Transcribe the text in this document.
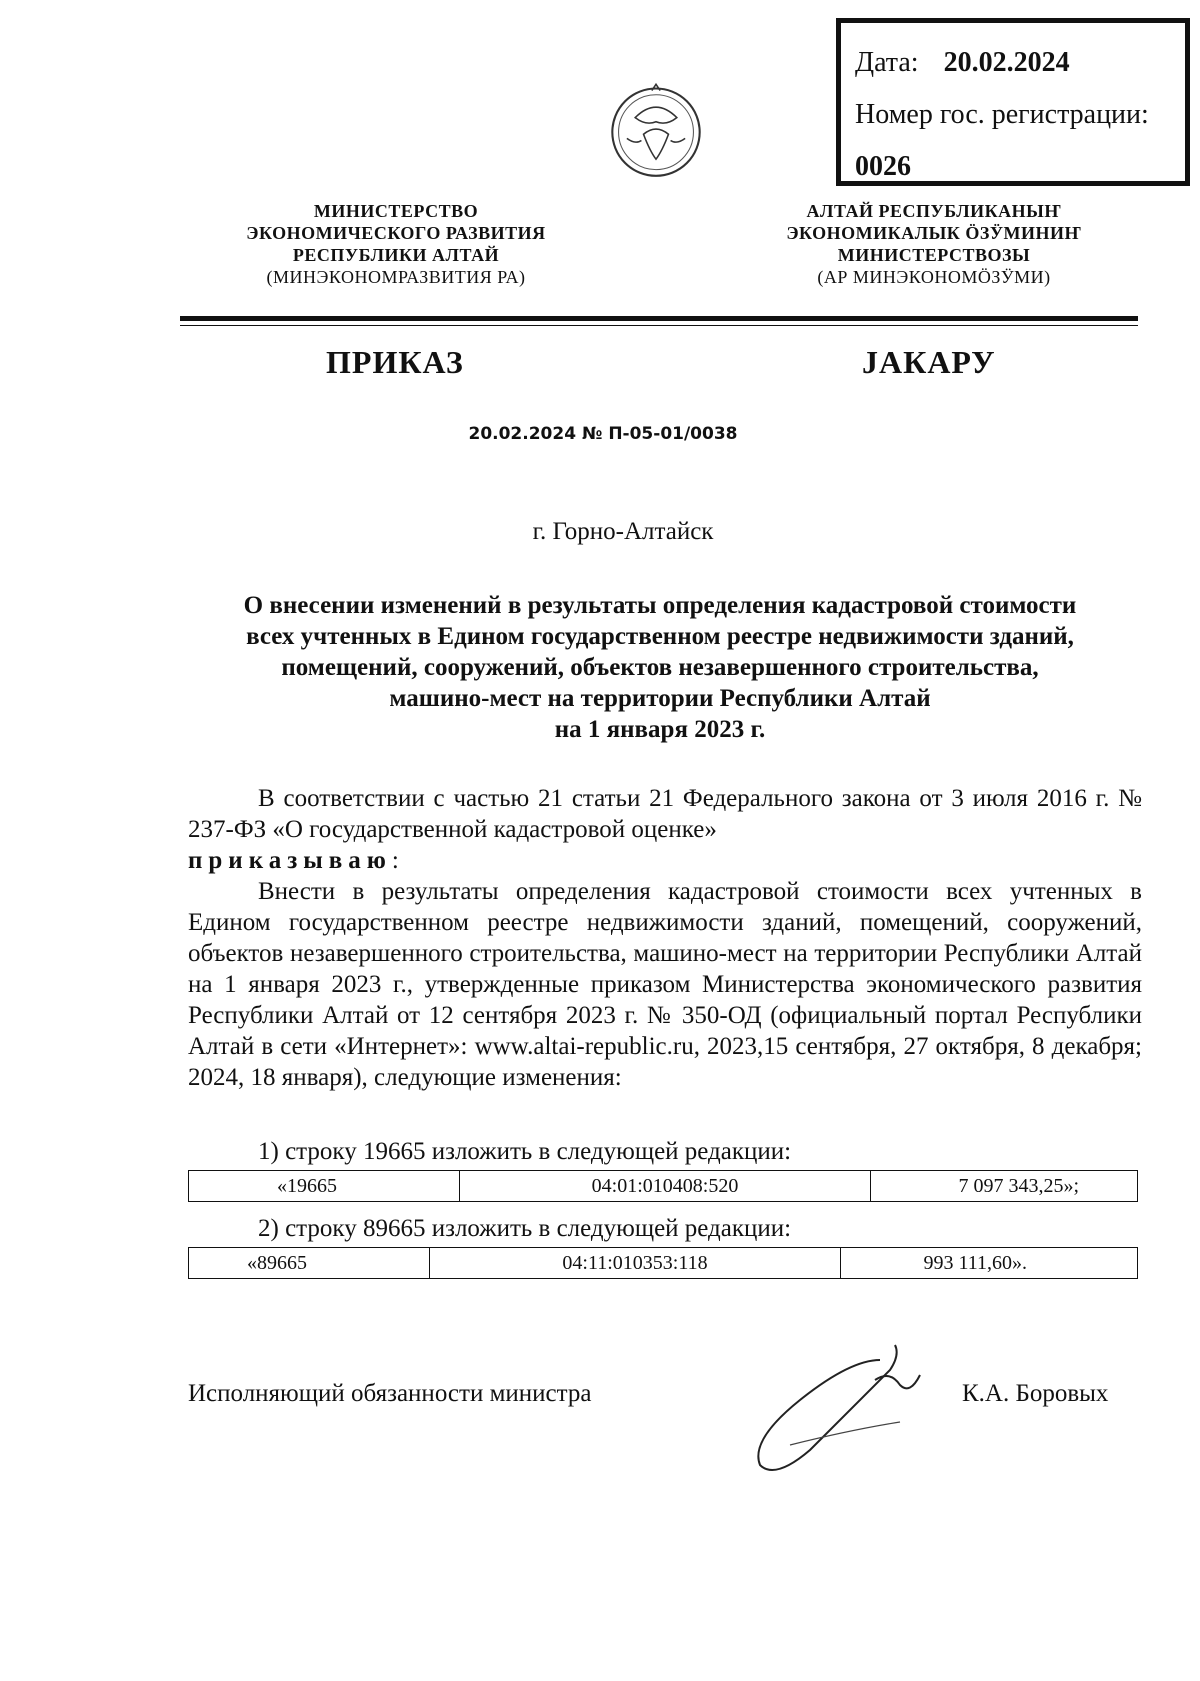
Дата: 20.02.2024
Номер гос. регистрации:
0026
МИНИСТЕРСТВО
ЭКОНОМИЧЕСКОГО РАЗВИТИЯ
РЕСПУБЛИКИ АЛТАЙ
(МИНЭКОНОМРАЗВИТИЯ РА)
АЛТАЙ РЕСПУБЛИКАНЫҤ
ЭКОНОМИКАЛЫК ÖЗӰМИНИҤ
МИНИСТЕРСТВОЗЫ
(АР МИНЭКОНОМÖЗӰМИ)
ПРИКАЗ	JАКАРУ
20.02.2024 № П-05-01/0038
г. Горно-Алтайск
О внесении изменений в результаты определения кадастровой стоимости
всех учтенных в Едином государственном реестре недвижимости зданий,
помещений, сооружений, объектов незавершенного строительства,
машино-мест на территории Республики Алтай
на 1 января 2023 г.

В соответствии с частью 21 статьи 21 Федерального закона от 3 июля 2016 г. № 237-ФЗ «О государственной кадастровой оценке»

приказываю:

Внести в результаты определения кадастровой стоимости всех учтенных в Едином государственном реестре недвижимости зданий, помещений, сооружений, объектов незавершенного строительства, машино-мест на территории Республики Алтай на 1 января 2023 г., утвержденные приказом Министерства экономического развития Республики Алтай от 12 сентября 2023 г. № 350-ОД (официальный портал Республики Алтай в сети «Интернет»: www.altai-republic.ru, 2023,15 сентября, 27 октября, 8 декабря; 2024, 18 января), следующие изменения:

1) строку 19665 изложить в следующей редакции:
«19665	04:01:010408:520	7 097 343,25»;
2) строку 89665 изложить в следующей редакции:
«89665	04:11:010353:118	993 111,60».
Исполняющий обязанности министра	К.А. Боровых
